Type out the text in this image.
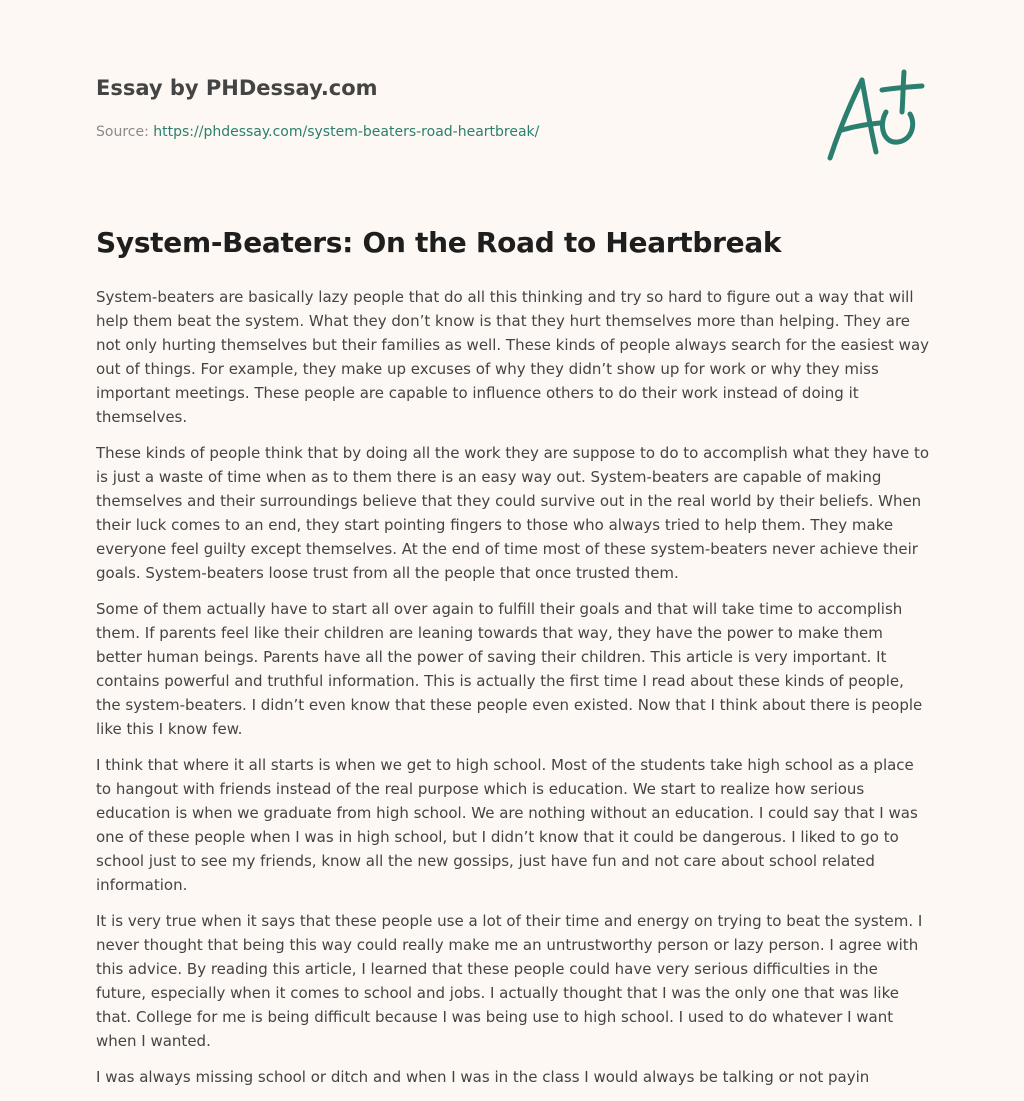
Essay by PHDessay.com
Source: https://phdessay.com/system-beaters-road-heartbreak/
System-Beaters: On the Road to Heartbreak

System-beaters are basically lazy people that do all this thinking and try so hard to figure out a way that will help them beat the system. What they don’t know is that they hurt themselves more than helping. They are not only hurting themselves but their families as well. These kinds of people always search for the easiest way out of things. For example, they make up excuses of why they didn’t show up for work or why they miss important meetings. These people are capable to influence others to do their work instead of doing it themselves.

These kinds of people think that by doing all the work they are suppose to do to accomplish what they have to is just a waste of time when as to them there is an easy way out. System-beaters are capable of making themselves and their surroundings believe that they could survive out in the real world by their beliefs. When their luck comes to an end, they start pointing fingers to those who always tried to help them. They make everyone feel guilty except themselves. At the end of time most of these system-beaters never achieve their goals. System-beaters loose trust from all the people that once trusted them.

Some of them actually have to start all over again to fulfill their goals and that will take time to accomplish them. If parents feel like their children are leaning towards that way, they have the power to make them better human beings. Parents have all the power of saving their children. This article is very important. It contains powerful and truthful information. This is actually the first time I read about these kinds of people, the system-beaters. I didn’t even know that these people even existed. Now that I think about there is people like this I know few.

I think that where it all starts is when we get to high school. Most of the students take high school as a place to hangout with friends instead of the real purpose which is education. We start to realize how serious education is when we graduate from high school. We are nothing without an education. I could say that I was one of these people when I was in high school, but I didn’t know that it could be dangerous. I liked to go to school just to see my friends, know all the new gossips, just have fun and not care about school related information.

It is very true when it says that these people use a lot of their time and energy on trying to beat the system. I never thought that being this way could really make me an untrustworthy person or lazy person. I agree with this advice. By reading this article, I learned that these people could have very serious difficulties in the future, especially when it comes to school and jobs. I actually thought that I was the only one that was like that. College for me is being difficult because I was being use to high school. I used to do whatever I want when I wanted.

I was always missing school or ditch and when I was in the class I would always be talking or not payin
